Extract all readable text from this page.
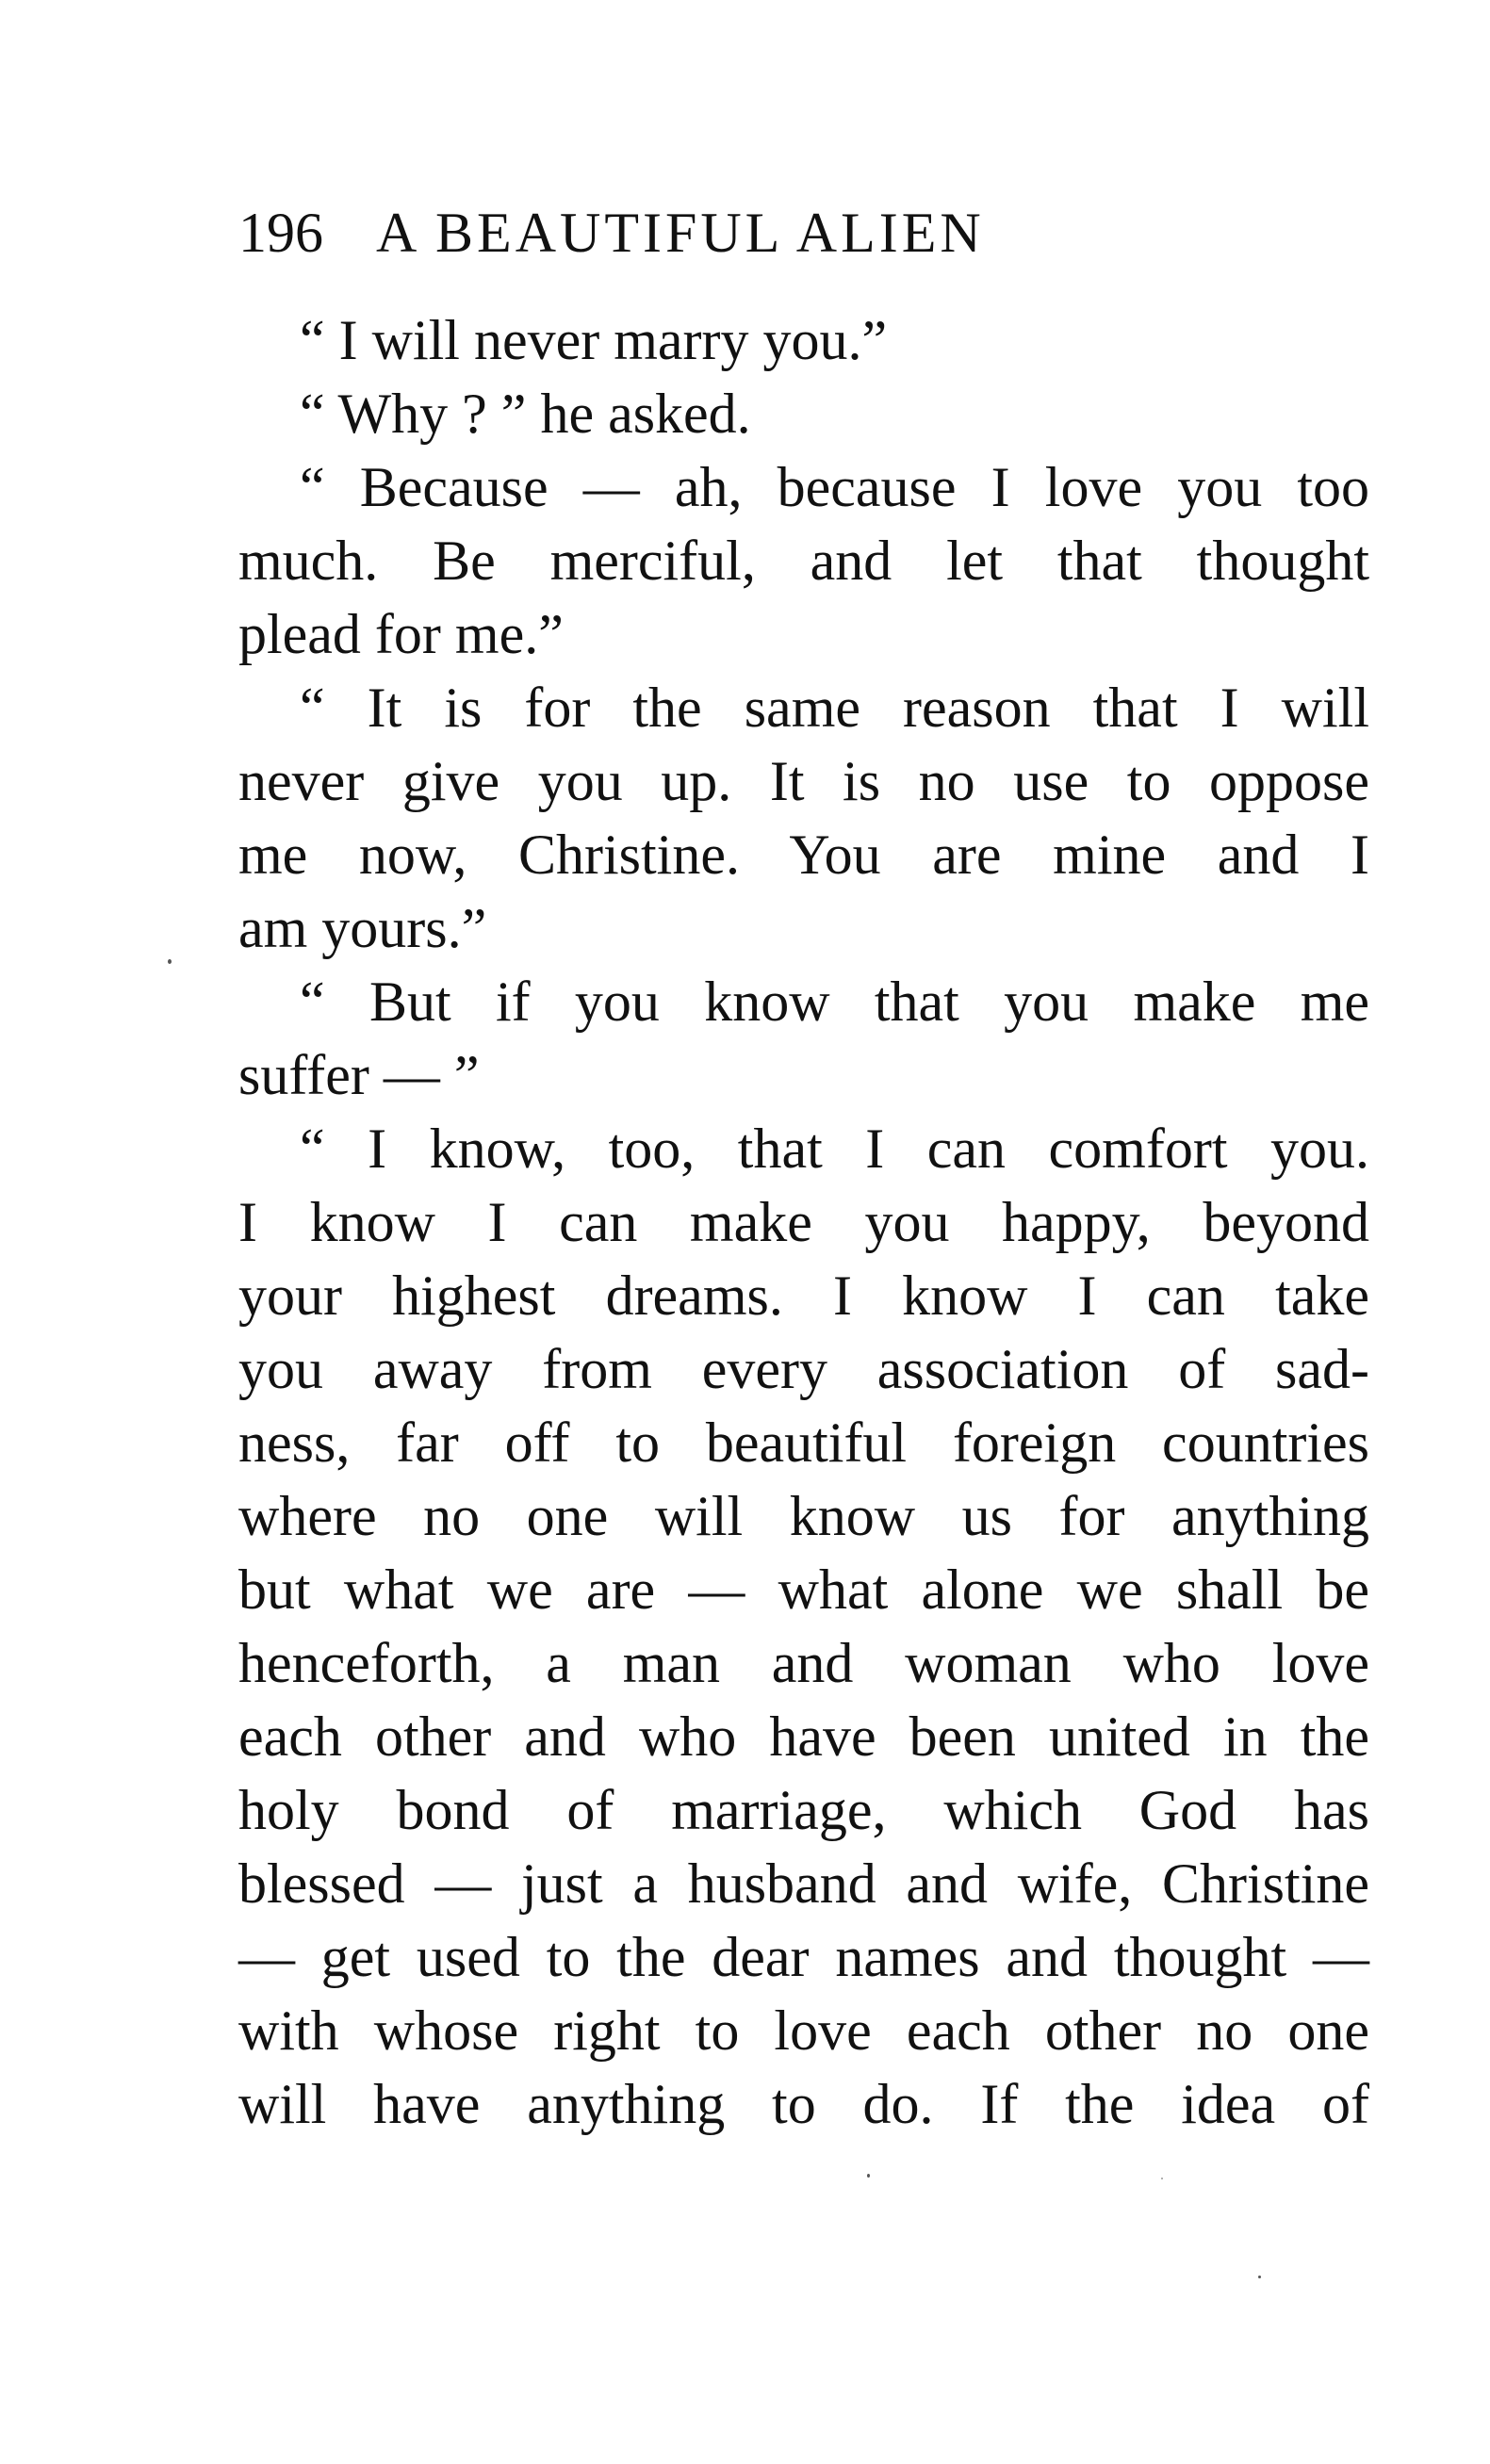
196 A BEAUTIFUL ALIEN
“ I will never marry you.”
“ Why ? ” he asked.
“ Because — ah, because I love you too
much. Be merciful, and let that thought
plead for me.”
“ It is for the same reason that I will
never give you up. It is no use to oppose
me now, Christine. You are mine and I
am yours.”
“ But if you know that you make me
suffer — ”
“ I know, too, that I can comfort you.
I know I can make you happy, beyond
your highest dreams. I know I can take
you away from every association of sad-
ness, far off to beautiful foreign countries
where no one will know us for anything
but what we are — what alone we shall be
henceforth, a man and woman who love
each other and who have been united in the
holy bond of marriage, which God has
blessed — just a husband and wife, Christine
— get used to the dear names and thought —
with whose right to love each other no one
will have anything to do. If the idea of
